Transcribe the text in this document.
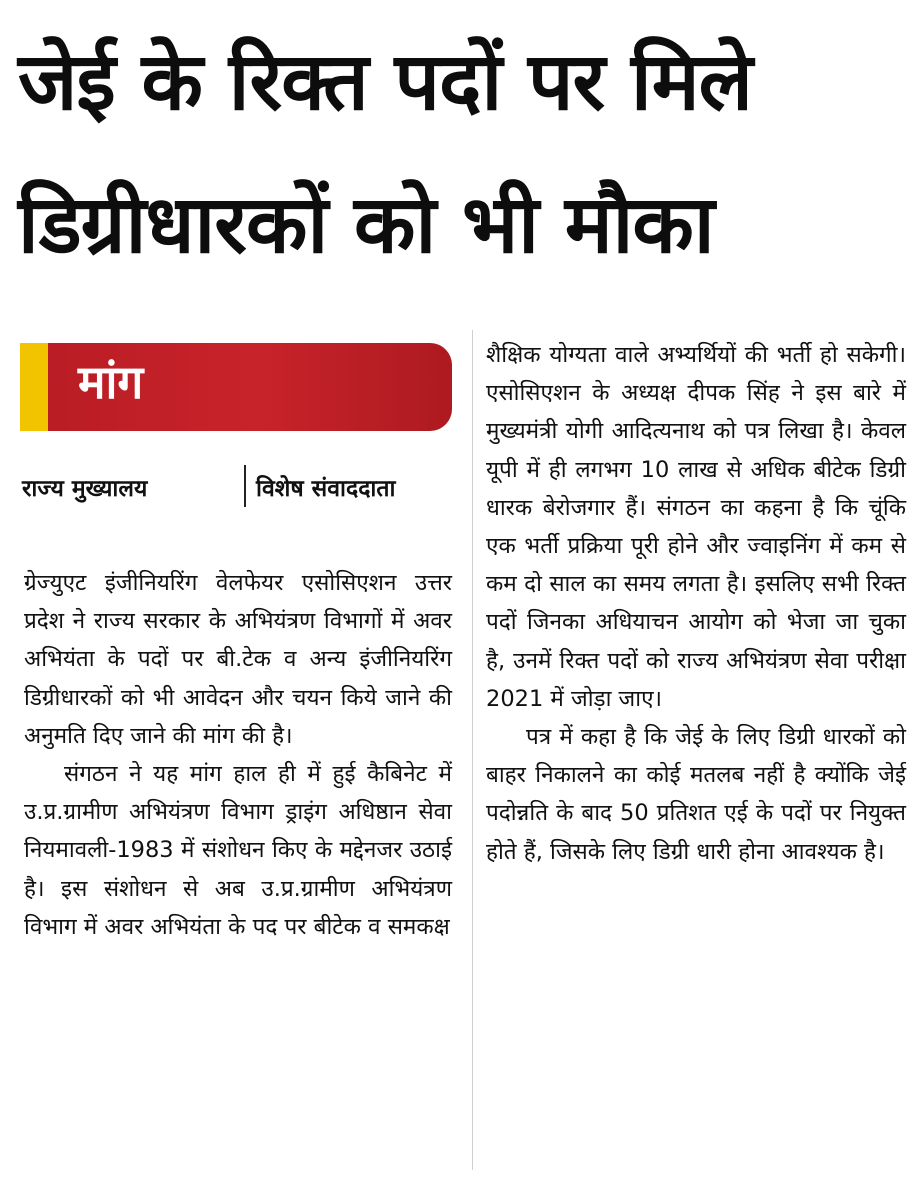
जेई के रिक्त पदों पर मिले
डिग्रीधारकों को भी मौका
मांग
राज्य मुख्यालय	विशेष संवाददाता

ग्रेज्युएट इंजीनियरिंग वेलफेयर एसोसिएशन उत्तर प्रदेश ने राज्य सरकार के अभियंत्रण विभागों में अवर अभियंता के पदों पर बी.टेक व अन्य इंजीनियरिंग डिग्रीधारकों को भी आवेदन और चयन किये जाने की अनुमति दिए जाने की मांग की है।

संगठन ने यह मांग हाल ही में हुई कैबिनेट में उ.प्र.ग्रामीण अभियंत्रण विभाग ड्राइंग अधिष्ठान सेवा नियमावली-1983 में संशोधन किए के मद्देनजर उठाई है। इस संशोधन से अब उ.प्र.ग्रामीण अभियंत्रण विभाग में अवर अभियंता के पद पर बीटेक व समकक्ष

शैक्षिक योग्यता वाले अभ्यर्थियों की भर्ती हो सकेगी। एसोसिएशन के अध्यक्ष दीपक सिंह ने इस बारे में मुख्यमंत्री योगी आदित्यनाथ को पत्र लिखा है। केवल यूपी में ही लगभग 10 लाख से अधिक बीटेक डिग्री धारक बेरोजगार हैं। संगठन का कहना है कि चूंकि एक भर्ती प्रक्रिया पूरी होने और ज्वाइनिंग में कम से कम दो साल का समय लगता है। इसलिए सभी रिक्त पदों जिनका अधियाचन आयोग को भेजा जा चुका है, उनमें रिक्त पदों को राज्य अभियंत्रण सेवा परीक्षा 2021 में जोड़ा जाए।

पत्र में कहा है कि जेई के लिए डिग्री धारकों को बाहर निकालने का कोई मतलब नहीं है क्योंकि जेई पदोन्नति के बाद 50 प्रतिशत एई के पदों पर नियुक्त होते हैं, जिसके लिए डिग्री धारी होना आवश्यक है।
